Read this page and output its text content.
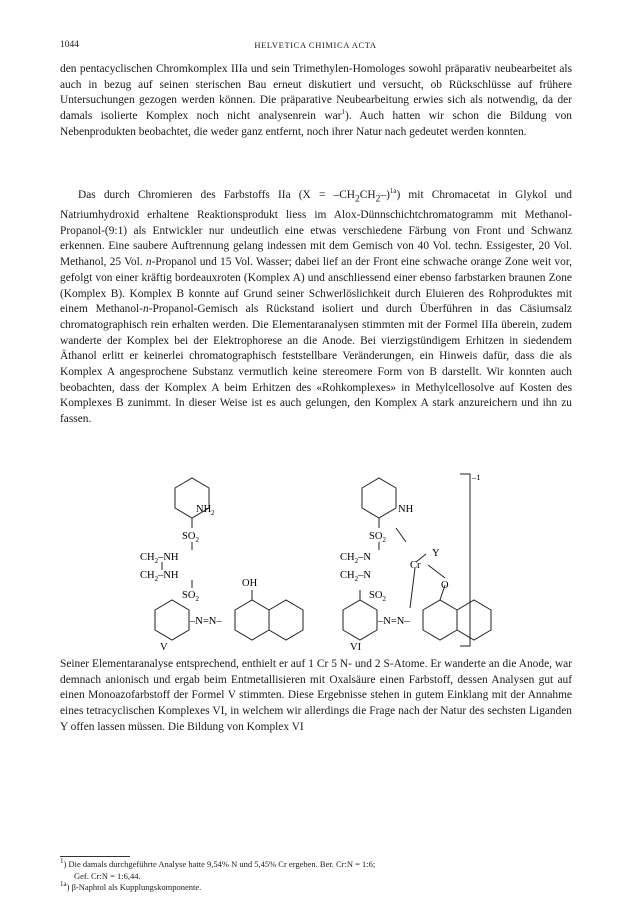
1044	HELVETICA CHIMICA ACTA

den pentacyclischen Chromkomplex IIIa und sein Trimethylen-Homologes sowohl präparativ neubearbeitet als auch in bezug auf seinen sterischen Bau erneut diskutiert und versucht, ob Rückschlüsse auf frühere Untersuchungen gezogen werden können. Die präparative Neubearbeitung erwies sich als notwendig, da der damals isolierte Komplex noch nicht analysenrein war$^1$). Auch hatten wir schon die Bildung von Nebenprodukten beobachtet, die weder ganz entfernt, noch ihrer Natur nach gedeutet werden konnten.

Das durch Chromieren des Farbstoffs IIa $(X = -CH_2CH_2-)^{1a}$) mit Chromacetat in Glykol und Natriumhydroxid erhaltene Reaktionsprodukt liess im Alox-Dünnschichtchromatogramm mit Methanol-Propanol-(9:1) als Entwickler nur undeutlich eine etwas verschiedene Färbung von Front und Schwanz erkennen. Eine saubere Auftrennung gelang indessen mit dem Gemisch von 40 Vol. techn. Essigester, 20 Vol. Methanol, 25 Vol. n-Propanol und 15 Vol. Wasser; dabei lief an der Front eine schwache orange Zone weit vor, gefolgt von einer kräftig bordeauxroten (Komplex A) und anschliessend einer ebenso farbstarken braunen Zone (Komplex B). Komplex B konnte auf Grund seiner Schwerlöslichkeit durch Eluieren des Rohproduktes mit einem Methanol-n-Propanol-Gemisch als Rückstand isoliert und durch Überführen in das Cäsiumsalz chromatographisch rein erhalten werden. Die Elementaranalysen stimmten mit der Formel IIIa überein, zudem wanderte der Komplex bei der Elektrophorese an die Anode. Bei vierzigstündigem Erhitzen in siedendem Äthanol erlitt er keinerlei chromatographisch feststellbare Veränderungen, ein Hinweis dafür, dass die als Komplex A angesprochene Substanz vermutlich keine stereomere Form von B darstellt. Wir konnten auch beobachten, dass der Komplex A beim Erhitzen des «Rohkomplexes» in Methylcellosolve auf Kosten des Komplexes B zunimmt. In dieser Weise ist es auch gelungen, den Komplex A stark anzureichern und ihn zu fassen.

$NH_2$
$SO_2$
$CH_2-NH$
$CH_2-NH$
$SO_2$
OH
–N=N–
V
NH
$SO_2$
$CH_2-N$
$CH_2-N$
Cr
Y
$SO_2$
O
–N=N–
VI
–1

Seiner Elementaranalyse entsprechend, enthielt er auf 1 Cr 5 N- und 2 S-Atome. Er wanderte an die Anode, war demnach anionisch und ergab beim Entmetallisieren mit Oxalsäure einen Farbstoff, dessen Analysen gut auf einen Monoazofarbstoff der Formel V stimmten. Diese Ergebnisse stehen in gutem Einklang mit der Annahme eines tetracyclischen Komplexes VI, in welchem wir allerdings die Frage nach der Natur des sechsten Liganden Y offen lassen müssen. Die Bildung von Komplex VI

$^1$) Die damals durchgeführte Analyse hatte 9,54% N und 5,45% Cr ergeben. Ber. Cr:N = 1:6;

Gef. Cr:N = 1:6,44.

$^{1a}$) β-Naphtol als Kupplungskomponente.
